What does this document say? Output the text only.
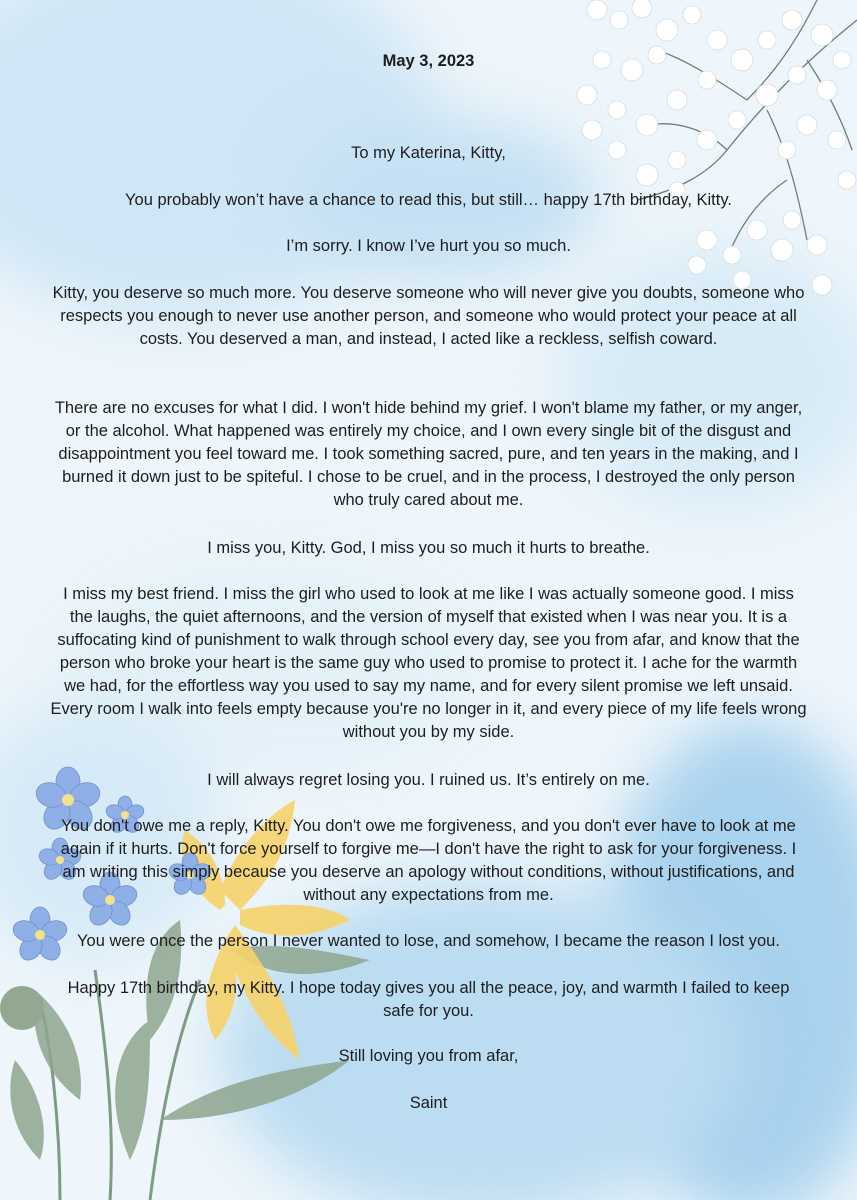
May 3, 2023

To my Katerina, Kitty,

You probably won’t have a chance to read this, but still… happy 17th birthday, Kitty.

I’m sorry. I know I’ve hurt you so much.

Kitty, you deserve so much more. You deserve someone who will never give you doubts, someone who respects you enough to never use another person, and someone who would protect your peace at all costs. You deserved a man, and instead, I acted like a reckless, selfish coward.

There are no excuses for what I did. I won't hide behind my grief. I won't blame my father, or my anger, or the alcohol. What happened was entirely my choice, and I own every single bit of the disgust and disappointment you feel toward me. I took something sacred, pure, and ten years in the making, and I burned it down just to be spiteful. I chose to be cruel, and in the process, I destroyed the only person who truly cared about me.

I miss you, Kitty. God, I miss you so much it hurts to breathe.

I miss my best friend. I miss the girl who used to look at me like I was actually someone good. I miss the laughs, the quiet afternoons, and the version of myself that existed when I was near you. It is a suffocating kind of punishment to walk through school every day, see you from afar, and know that the person who broke your heart is the same guy who used to promise to protect it. I ache for the warmth we had, for the effortless way you used to say my name, and for every silent promise we left unsaid. Every room I walk into feels empty because you're no longer in it, and every piece of my life feels wrong without you by my side.

I will always regret losing you. I ruined us. It’s entirely on me.

You don't owe me a reply, Kitty. You don't owe me forgiveness, and you don't ever have to look at me again if it hurts. Don't force yourself to forgive me—I don't have the right to ask for your forgiveness. I am writing this simply because you deserve an apology without conditions, without justifications, and without any expectations from me.

You were once the person I never wanted to lose, and somehow, I became the reason I lost you.

Happy 17th birthday, my Kitty. I hope today gives you all the peace, joy, and warmth I failed to keep safe for you.

Still loving you from afar,

Saint
